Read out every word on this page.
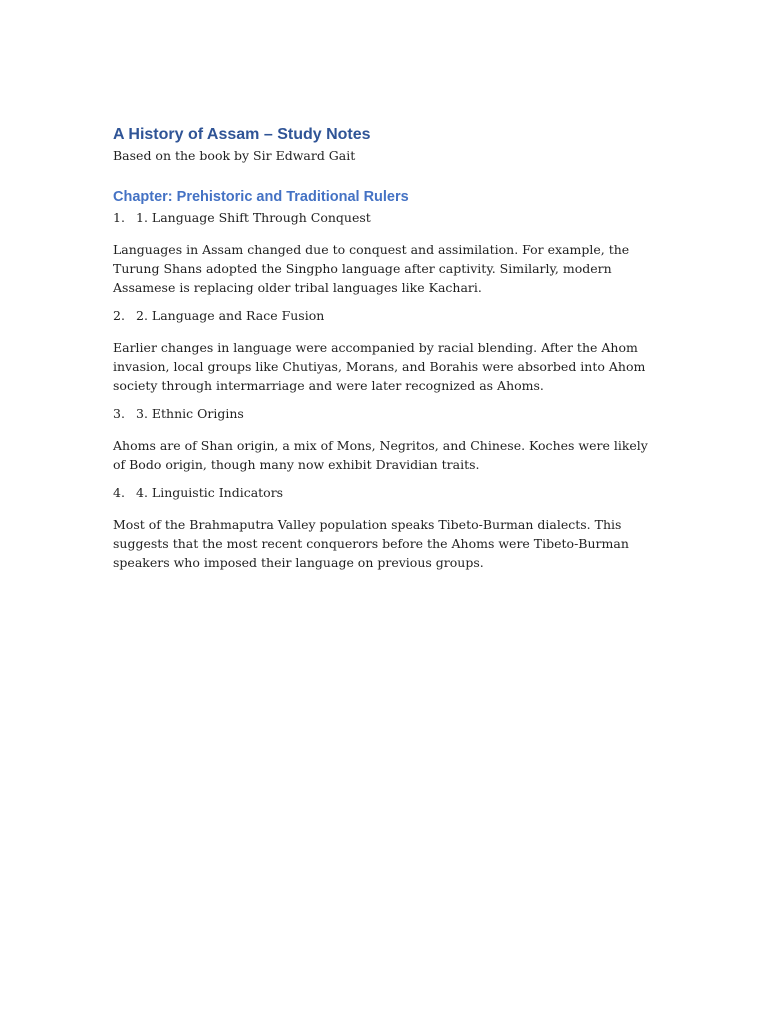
A History of Assam – Study Notes

Based on the book by Sir Edward Gait

Chapter: Prehistoric and Traditional Rulers
1. 1. Language Shift Through Conquest

Languages in Assam changed due to conquest and assimilation. For example, the Turung Shans adopted the Singpho language after captivity. Similarly, modern Assamese is replacing older tribal languages like Kachari.

2. 2. Language and Race Fusion

Earlier changes in language were accompanied by racial blending. After the Ahom invasion, local groups like Chutiyas, Morans, and Borahis were absorbed into Ahom society through intermarriage and were later recognized as Ahoms.

3. 3. Ethnic Origins

Ahoms are of Shan origin, a mix of Mons, Negritos, and Chinese. Koches were likely of Bodo origin, though many now exhibit Dravidian traits.

4. 4. Linguistic Indicators

Most of the Brahmaputra Valley population speaks Tibeto-Burman dialects. This suggests that the most recent conquerors before the Ahoms were Tibeto-Burman speakers who imposed their language on previous groups.
